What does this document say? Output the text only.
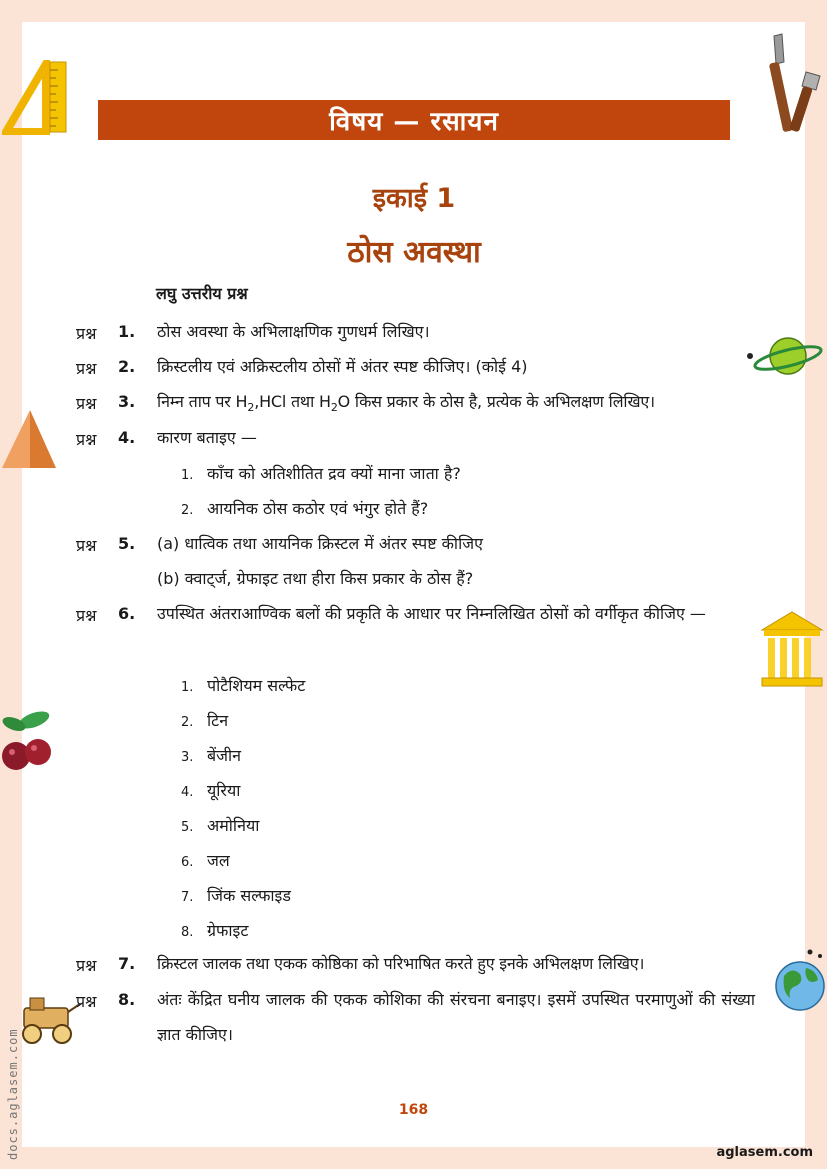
विषय — रसायन
इकाई 1
ठोस अवस्था
लघु उत्तरीय प्रश्न
प्रश्न 1. ठोस अवस्था के अभिलाक्षणिक गुणधर्म लिखिए।
प्रश्न 2. क्रिस्टलीय एवं अक्रिस्टलीय ठोसों में अंतर स्पष्ट कीजिए। (कोई 4)
प्रश्न 3. निम्न ताप पर $H_2,HCl$ तथा $H_2O$ किस प्रकार के ठोस है, प्रत्येक के अभिलक्षण लिखिए।
प्रश्न 4. कारण बताइए —
1. काँच को अतिशीतित द्रव क्यों माना जाता है?
2. आयनिक ठोस कठोर एवं भंगुर होते हैं?
प्रश्न 5. (a) धात्विक तथा आयनिक क्रिस्टल में अंतर स्पष्ट कीजिए
(b) क्वाट्‌र्ज, ग्रेफाइट तथा हीरा किस प्रकार के ठोस हैं?
प्रश्न 6. उपस्थित अंतराआण्विक बलों की प्रकृति के आधार पर निम्नलिखित ठोसों को वर्गीकृत कीजिए —
1. पोटैशियम सल्फेट
2. टिन
3. बेंजीन
4. यूरिया
5. अमोनिया
6. जल
7. जिंक सल्फाइड
8. ग्रेफाइट
प्रश्न 7. क्रिस्टल जालक तथा एकक कोष्ठिका को परिभाषित करते हुए इनके अभिलक्षण लिखिए।
प्रश्न 8. अंतः केंद्रित घनीय जालक की एकक कोशिका की संरचना बनाइए। इसमें उपस्थित परमाणुओं की संख्या ज्ञात कीजिए।
168
aglasem.com
docs.aglasem.com
